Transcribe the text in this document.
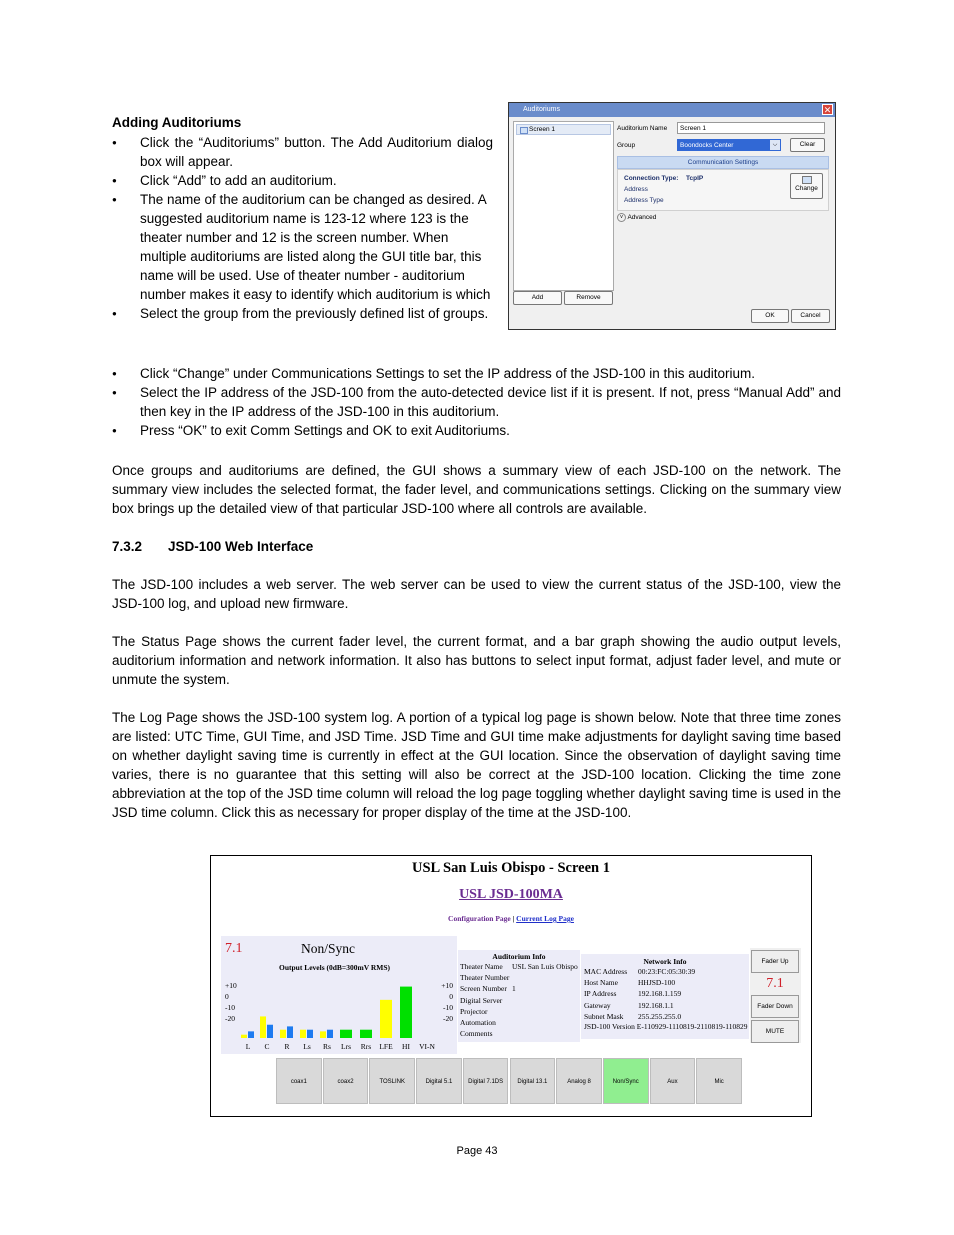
Adding Auditoriums
● Click the “Auditoriums” button. The Add Auditorium dialog box will appear.
● Click “Add” to add an auditorium.
● The name of the auditorium can be changed as desired. A suggested auditorium name is 123-12 where 123 is the theater number and 12 is the screen number. When multiple auditoriums are listed along the GUI title bar, this name will be used. Use of theater number - auditorium number makes it easy to identify which auditorium is which
● Select the group from the previously defined list of groups.
● Click “Change” under Communications Settings to set the IP address of the JSD-100 in this auditorium.
● Select the IP address of the JSD-100 from the auto-detected device list if it is present. If not, press “Manual Add” and then key in the IP address of the JSD-100 in this auditorium.
● Press “OK” to exit Comm Settings and OK to exit Auditoriums.
Auditoriums	✕
Screen 1
Add	Remove
Auditorium Name	Screen 1
Group	Boondocks Center	⌵	Clear
Communication Settings
Connection Type: TcpIP
Address
Address Type
Change
v Advanced
OK	Cancel
Once groups and auditoriums are defined, the GUI shows a summary view of each JSD-100 on the network. The summary view includes the selected format, the fader level, and communications settings. Clicking on the summary view box brings up the detailed view of that particular JSD-100 where all controls are available.
7.3.2 JSD-100 Web Interface
The JSD-100 includes a web server. The web server can be used to view the current status of the JSD-100, view the JSD-100 log, and upload new firmware.
The Status Page shows the current fader level, the current format, and a bar graph showing the audio output levels, auditorium information and network information. It also has buttons to select input format, adjust fader level, and mute or unmute the system.
The Log Page shows the JSD-100 system log. A portion of a typical log page is shown below. Note that three time zones are listed: UTC Time, GUI Time, and JSD Time. JSD Time and GUI time make adjustments for daylight saving time based on whether daylight saving time is currently in effect at the GUI location. Since the observation of daylight saving time varies, there is no guarantee that this setting will also be correct at the JSD-100 location. Clicking the time zone abbreviation at the top of the JSD time column will reload the log page toggling whether daylight saving time is used in the JSD time column. Click this as necessary for proper display of the time at the JSD-100.
USL San Luis Obispo - Screen 1
USL JSD-100MA
Configuration Page | Current Log Page
7.1	Non/Sync
Output Levels (0dB=300mV RMS)
+10
0
-10
-20
+10
0
-10
-20
L C R Ls Rs Lrs Rrs LFE HI VI-N
Auditorium Info
Theater Name USL San Luis Obispo
Theater Number
Screen Number 1
Digital Server
Projector
Automation
Comments
Network Info
MAC Address 00:23:FC:05:30:39
Host Name	HHJSD-100
IP Address	192.168.1.159
Gateway	192.168.1.1
Subnet Mask 255.255.255.0
JSD-100 Version E-110929-1110819-2110819-110829
Fader Up
7.1
Fader Down
MUTE
coax1	coax2	TOSLINK	Digital 5.1	Digital 7.1DS	Digital 13.1	Analog 8	Non/Sync	Aux	Mic
Page 43
